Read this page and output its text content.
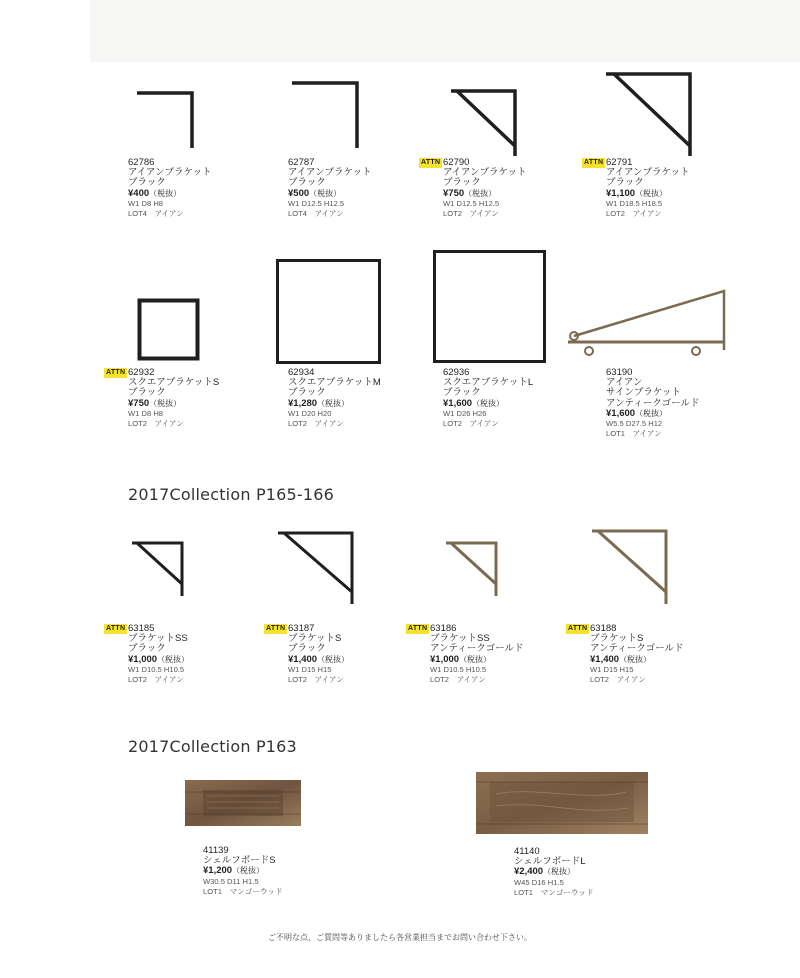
62786
アイアンブラケット
ブラック
¥400（税抜）
W1 D8 H8
LOT4　アイアン
62787
アイアンブラケット
ブラック
¥500（税抜）
W1 D12.5 H12.5
LOT4　アイアン
ATTN 62790
アイアンブラケット
ブラック
¥750（税抜）
W1 D12.5 H12.5
LOT2　アイアン
ATTN 62791
アイアンブラケット
ブラック
¥1,100（税抜）
W1 D18.5 H18.5
LOT2　アイアン
ATTN 62932
スクエアブラケットS
ブラック
¥750（税抜）
W1 D8 H8
LOT2　アイアン
62934
スクエアブラケットM
ブラック
¥1,280（税抜）
W1 D20 H20
LOT2　アイアン
62936
スクエアブラケットL
ブラック
¥1,600（税抜）
W1 D26 H26
LOT2　アイアン
63190
アイアン
サインブラケット
アンティークゴールド
¥1,600（税抜）
W5.5 D27.5 H12
LOT1　アイアン
2017Collection P165-166
ATTN 63185
ブラケットSS
ブラック
¥1,000（税抜）
W1 D10.5 H10.5
LOT2　アイアン
ATTN 63187
ブラケットS
ブラック
¥1,400（税抜）
W1 D15 H15
LOT2　アイアン
ATTN 63186
ブラケットSS
アンティークゴールド
¥1,000（税抜）
W1 D10.5 H10.5
LOT2　アイアン
ATTN 63188
ブラケットS
アンティークゴールド
¥1,400（税抜）
W1 D15 H15
LOT2　アイアン
2017Collection P163
41139
シェルフボードS
¥1,200（税抜）
W30.5 D11 H1.5
LOT1　マンゴーウッド
41140
シェルフボードL
¥2,400（税抜）
W45 D16 H1.5
LOT1　マンゴーウッド
ご不明な点、ご質問等ありましたら各営業担当までお問い合わせ下さい。
